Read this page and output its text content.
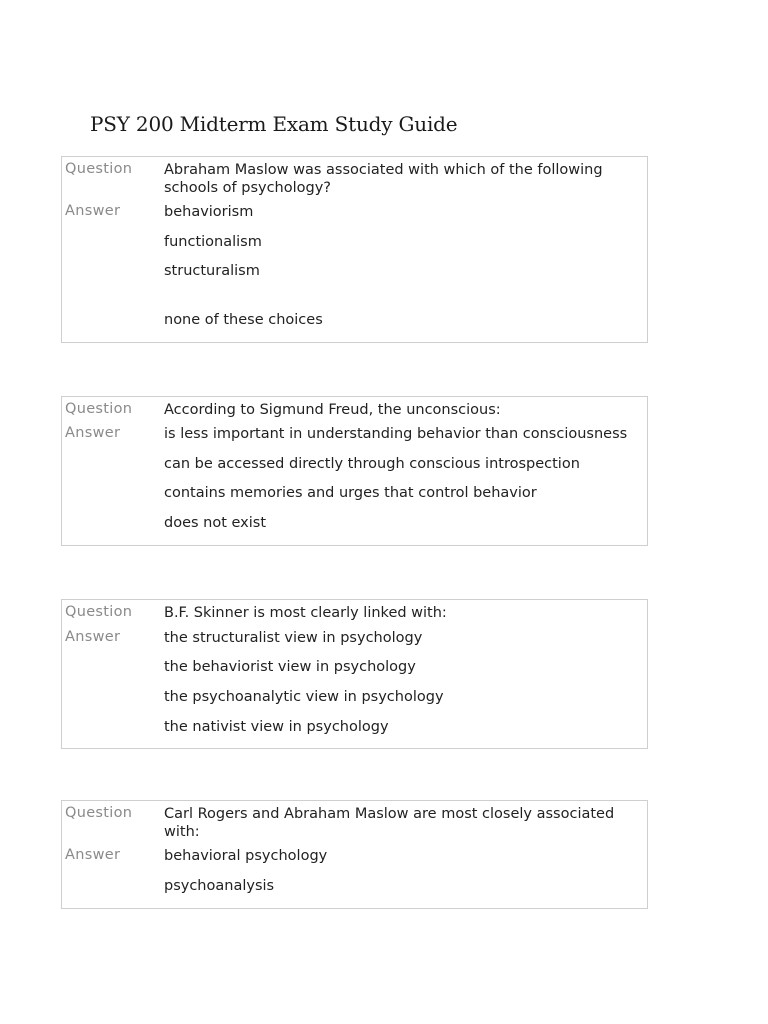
PSY 200 Midterm Exam Study Guide
Question Abraham Maslow was associated with which of the following schools of psychology?
Answer	behaviorism
functionalism
structuralism
none of these choices
Question According to Sigmund Freud, the unconscious:
Answer	is less important in understanding behavior than consciousness
can be accessed directly through conscious introspection
contains memories and urges that control behavior
does not exist
Question B.F. Skinner is most clearly linked with:
Answer	the structuralist view in psychology
the behaviorist view in psychology
the psychoanalytic view in psychology
the nativist view in psychology
Question Carl Rogers and Abraham Maslow are most closely associated with:
Answer	behavioral psychology
psychoanalysis
